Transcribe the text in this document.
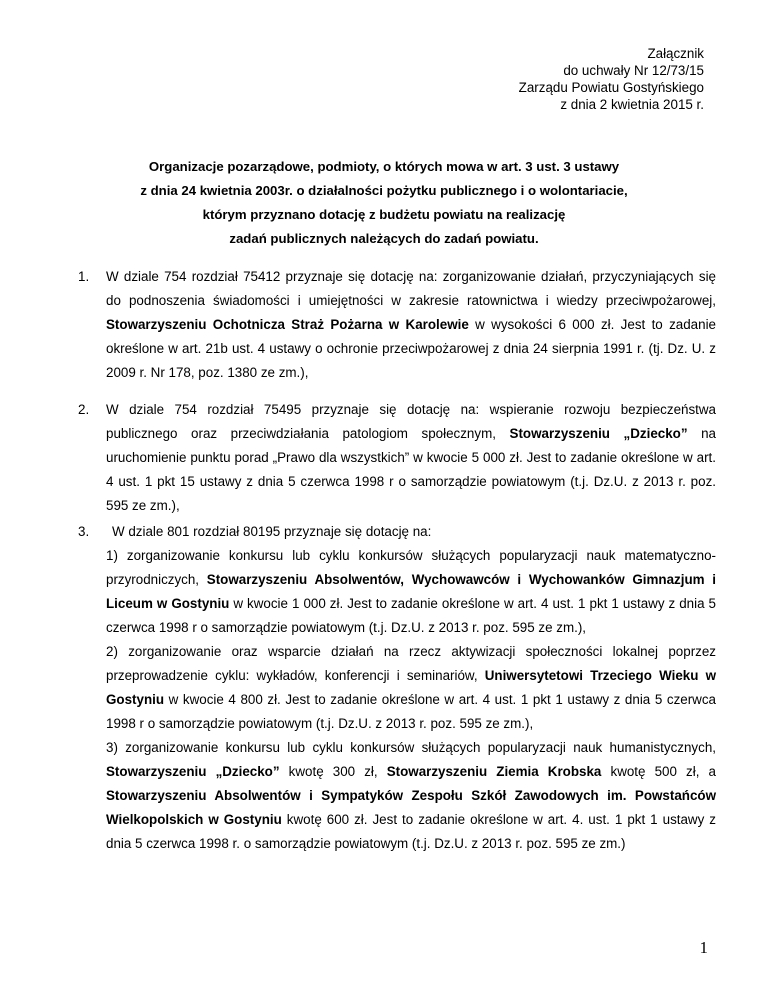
Załącznik
do uchwały Nr 12/73/15
Zarządu Powiatu Gostyńskiego
z dnia 2 kwietnia 2015 r.
Organizacje pozarządowe, podmioty, o których mowa w art. 3 ust. 3 ustawy
z dnia 24 kwietnia 2003r. o działalności pożytku publicznego i o wolontariacie,
którym przyznano dotację z budżetu powiatu na realizację
zadań publicznych należących do zadań powiatu.
1. W dziale 754 rozdział 75412 przyznaje się dotację na: zorganizowanie działań, przyczyniających się do podnoszenia świadomości i umiejętności w zakresie ratownictwa i wiedzy przeciwpożarowej, Stowarzyszeniu Ochotnicza Straż Pożarna w Karolewie w wysokości 6 000 zł. Jest to zadanie określone w art. 21b ust. 4 ustawy o ochronie przeciwpożarowej z dnia 24 sierpnia 1991 r. (tj. Dz. U. z 2009 r. Nr 178, poz. 1380 ze zm.),
2. W dziale 754 rozdział 75495 przyznaje się dotację na: wspieranie rozwoju bezpieczeństwa publicznego oraz przeciwdziałania patologiom społecznym, Stowarzyszeniu „Dziecko” na uruchomienie punktu porad „Prawo dla wszystkich” w kwocie 5 000 zł. Jest to zadanie określone w art. 4 ust. 1 pkt 15 ustawy z dnia 5 czerwca 1998 r o samorządzie powiatowym (t.j. Dz.U. z 2013 r. poz. 595 ze zm.),
3.	W dziale 801 rozdział 80195 przyznaje się dotację na:
1) zorganizowanie konkursu lub cyklu konkursów służących popularyzacji nauk matematyczno-przyrodniczych, Stowarzyszeniu Absolwentów, Wychowawców i Wychowanków Gimnazjum i Liceum w Gostyniu w kwocie 1 000 zł. Jest to zadanie określone w art. 4 ust. 1 pkt 1 ustawy z dnia 5 czerwca 1998 r o samorządzie powiatowym (t.j. Dz.U. z 2013 r. poz. 595 ze zm.),
2) zorganizowanie oraz wsparcie działań na rzecz aktywizacji społeczności lokalnej poprzez przeprowadzenie cyklu: wykładów, konferencji i seminariów, Uniwersytetowi Trzeciego Wieku w Gostyniu w kwocie 4 800 zł. Jest to zadanie określone w art. 4 ust. 1 pkt 1 ustawy z dnia 5 czerwca 1998 r o samorządzie powiatowym (t.j. Dz.U. z 2013 r. poz. 595 ze zm.),
3) zorganizowanie konkursu lub cyklu konkursów służących popularyzacji nauk humanistycznych, Stowarzyszeniu „Dziecko” kwotę 300 zł, Stowarzyszeniu Ziemia Krobska kwotę 500 zł, a Stowarzyszeniu Absolwentów i Sympatyków Zespołu Szkół Zawodowych im. Powstańców Wielkopolskich w Gostyniu kwotę 600 zł. Jest to zadanie określone w art. 4. ust. 1 pkt 1 ustawy z dnia 5 czerwca 1998 r. o samorządzie powiatowym (t.j. Dz.U. z 2013 r. poz. 595 ze zm.)
1
